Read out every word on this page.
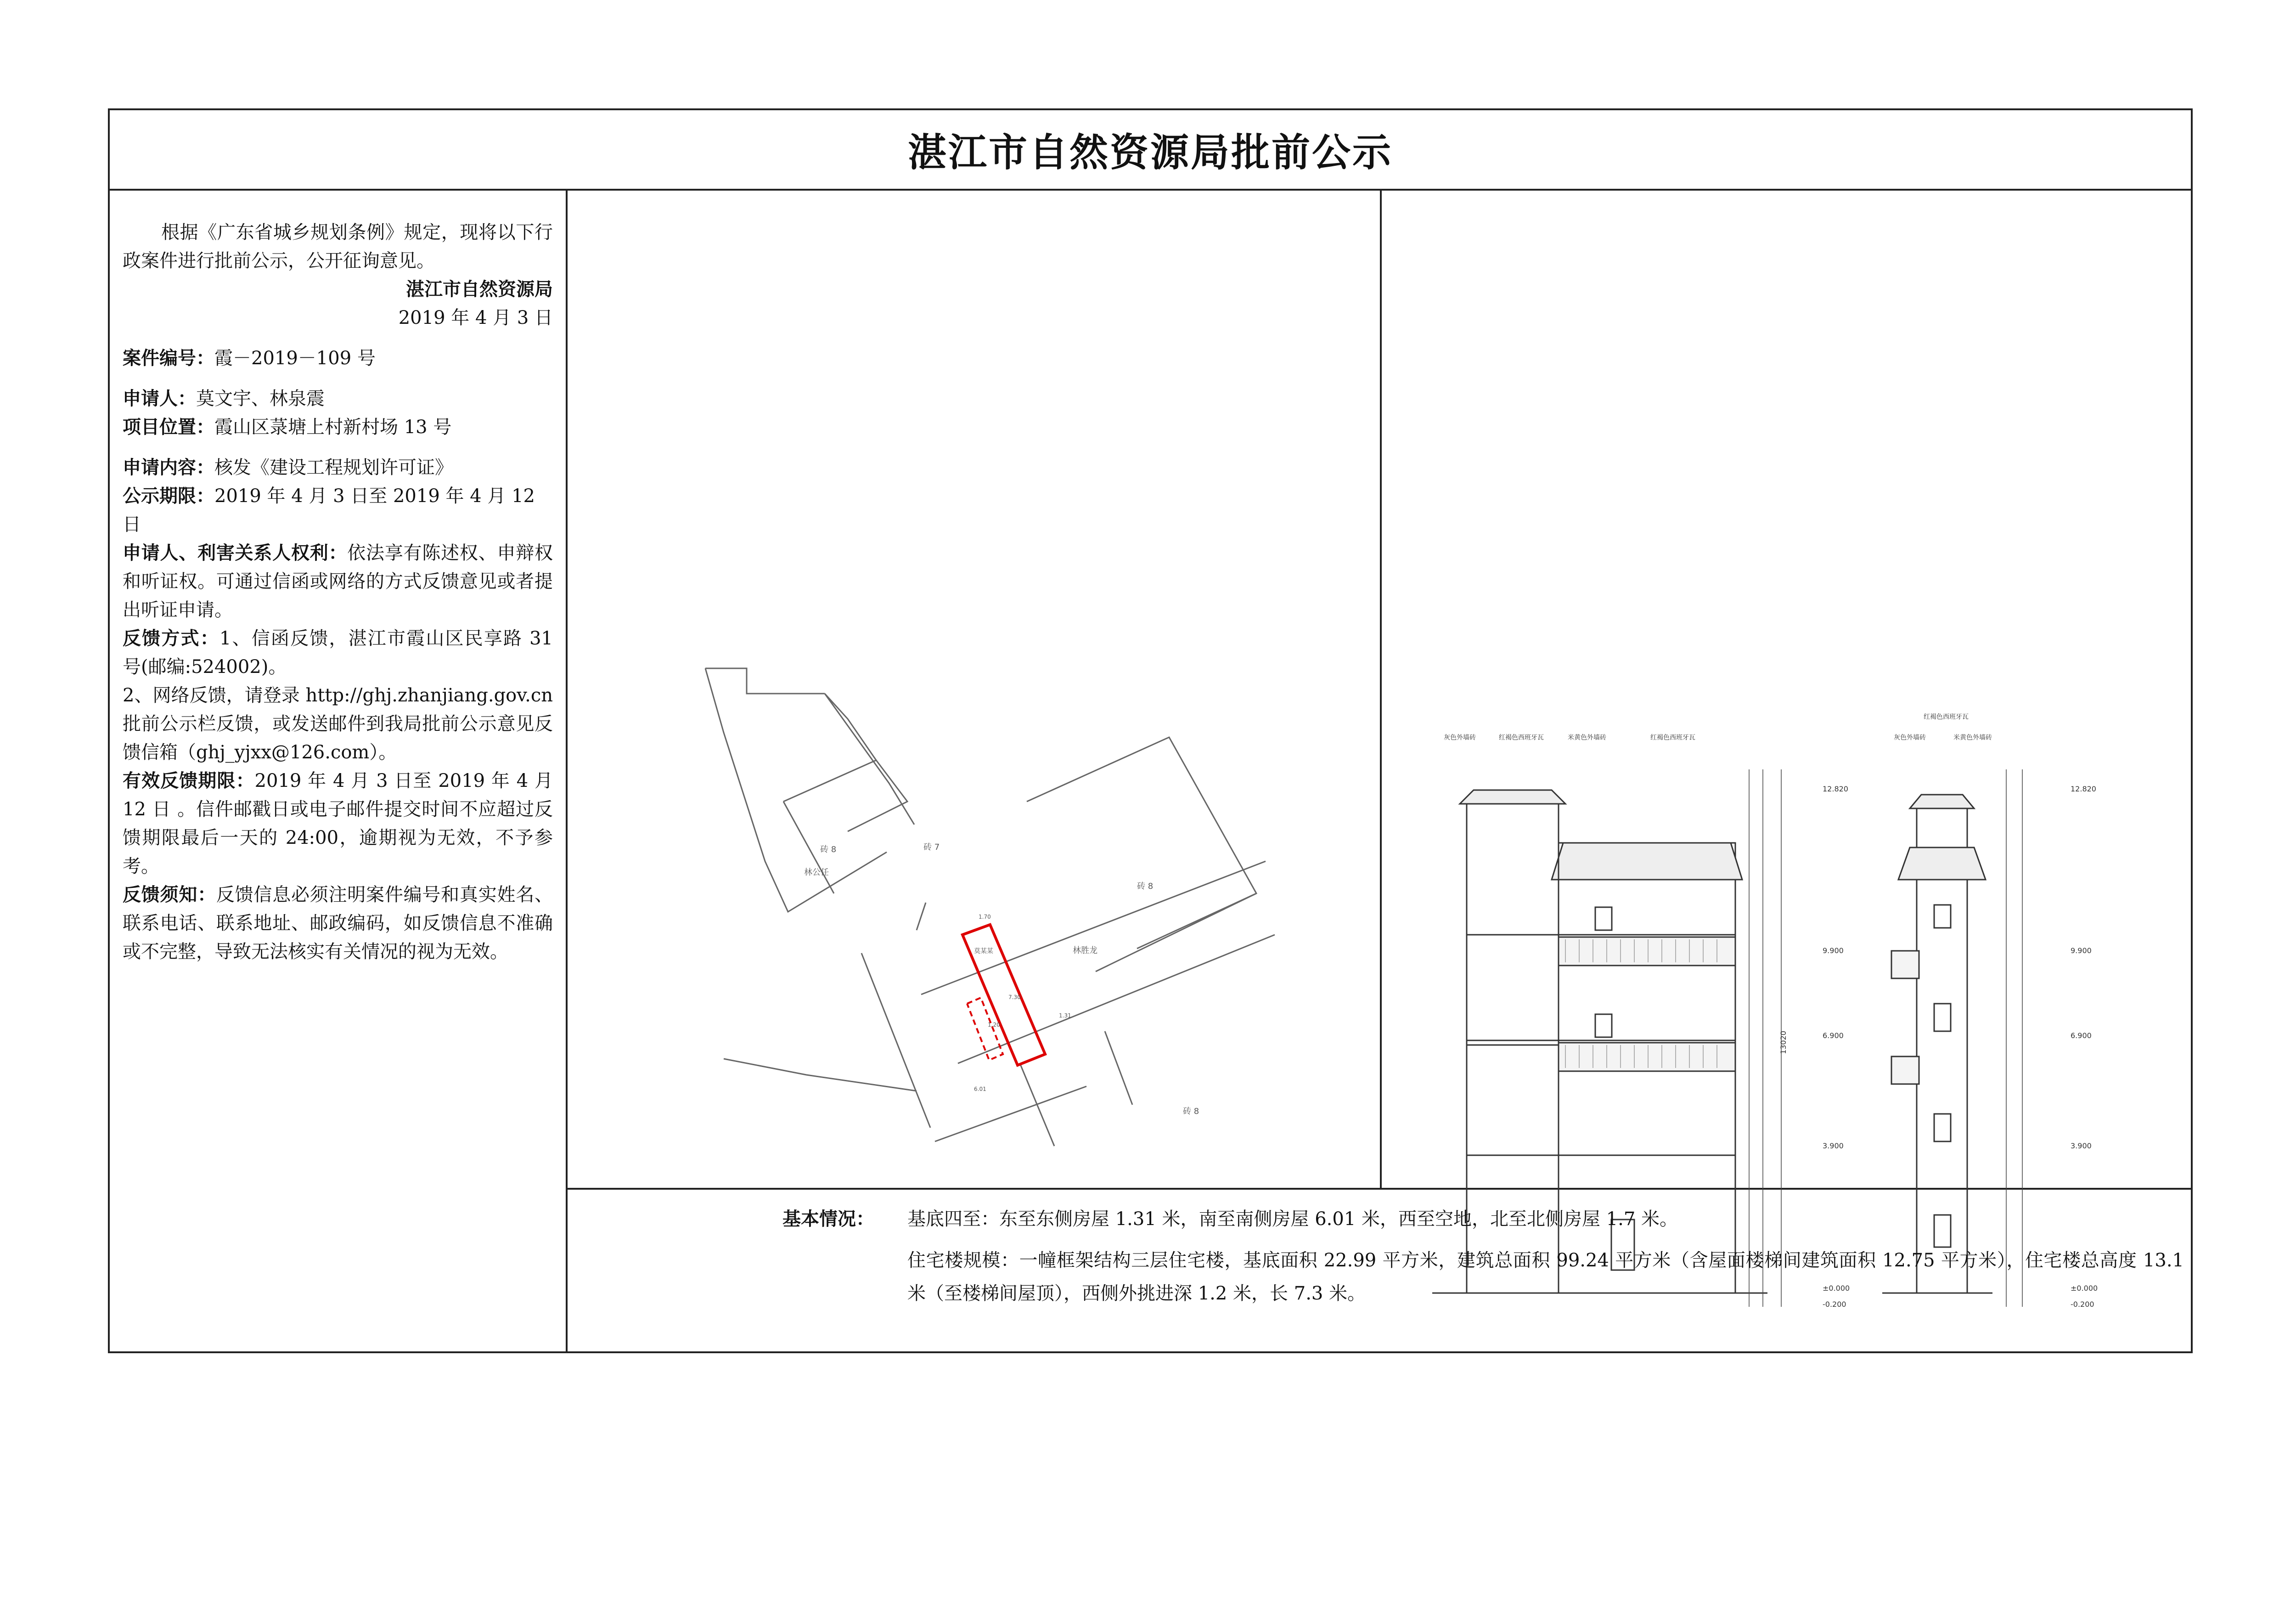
湛江市自然资源局批前公示

根据《广东省城乡规划条例》规定，现将以下行政案件进行批前公示，公开征询意见。

湛江市自然资源局

2019 年 4 月 3 日

案件编号：霞－2019－109 号

申请人：莫文宇、林泉震

项目位置：霞山区菉塘上村新村场 13 号

申请内容：核发《建设工程规划许可证》

公示期限：2019 年 4 月 3 日至 2019 年 4 月 12 日

申请人、利害关系人权利：依法享有陈述权、申辩权和听证权。可通过信函或网络的方式反馈意见或者提出听证申请。

反馈方式：1、信函反馈，湛江市霞山区民享路 31 号(邮编:524002)。

2、网络反馈，请登录 http://ghj.zhanjiang.gov.cn 批前公示栏反馈，或发送邮件到我局批前公示意见反馈信箱（ghj_yjxx@126.com）。

有效反馈期限：2019 年 4 月 3 日至 2019 年 4 月 12 日 。信件邮戳日或电子邮件提交时间不应超过反馈期限最后一天的 24:00，逾期视为无效，不予参考。

反馈须知：反馈信息必须注明案件编号和真实姓名、联系电话、联系地址、邮政编码，如反馈信息不准确或不完整，导致无法核实有关情况的视为无效。

砖 8
林公任
砖 7
砖 8
林胜龙
砖 8
莫某某
1.31
6.01
1.70
1.20
7.30
12.820
9.900
6.900
3.900
±0.000
-0.200
13020
灰色外墙砖	红褐色西班牙瓦	米黄色外墙砖	红褐色西班牙瓦
12.820
9.900
6.900
3.900
±0.000
-0.200
红褐色西班牙瓦
灰色外墙砖	米黄色外墙砖
基本情况： 基底四至：东至东侧房屋 1.31 米，南至南侧房屋 6.01 米，西至空地，北至北侧房屋 1.7 米。
住宅楼规模：一幢框架结构三层住宅楼，基底面积 22.99 平方米，建筑总面积 99.24 平方米（含屋面楼梯间建筑面积 12.75 平方米），住宅楼总高度 13.1 米（至楼梯间屋顶），西侧外挑进深 1.2 米，长 7.3 米。
